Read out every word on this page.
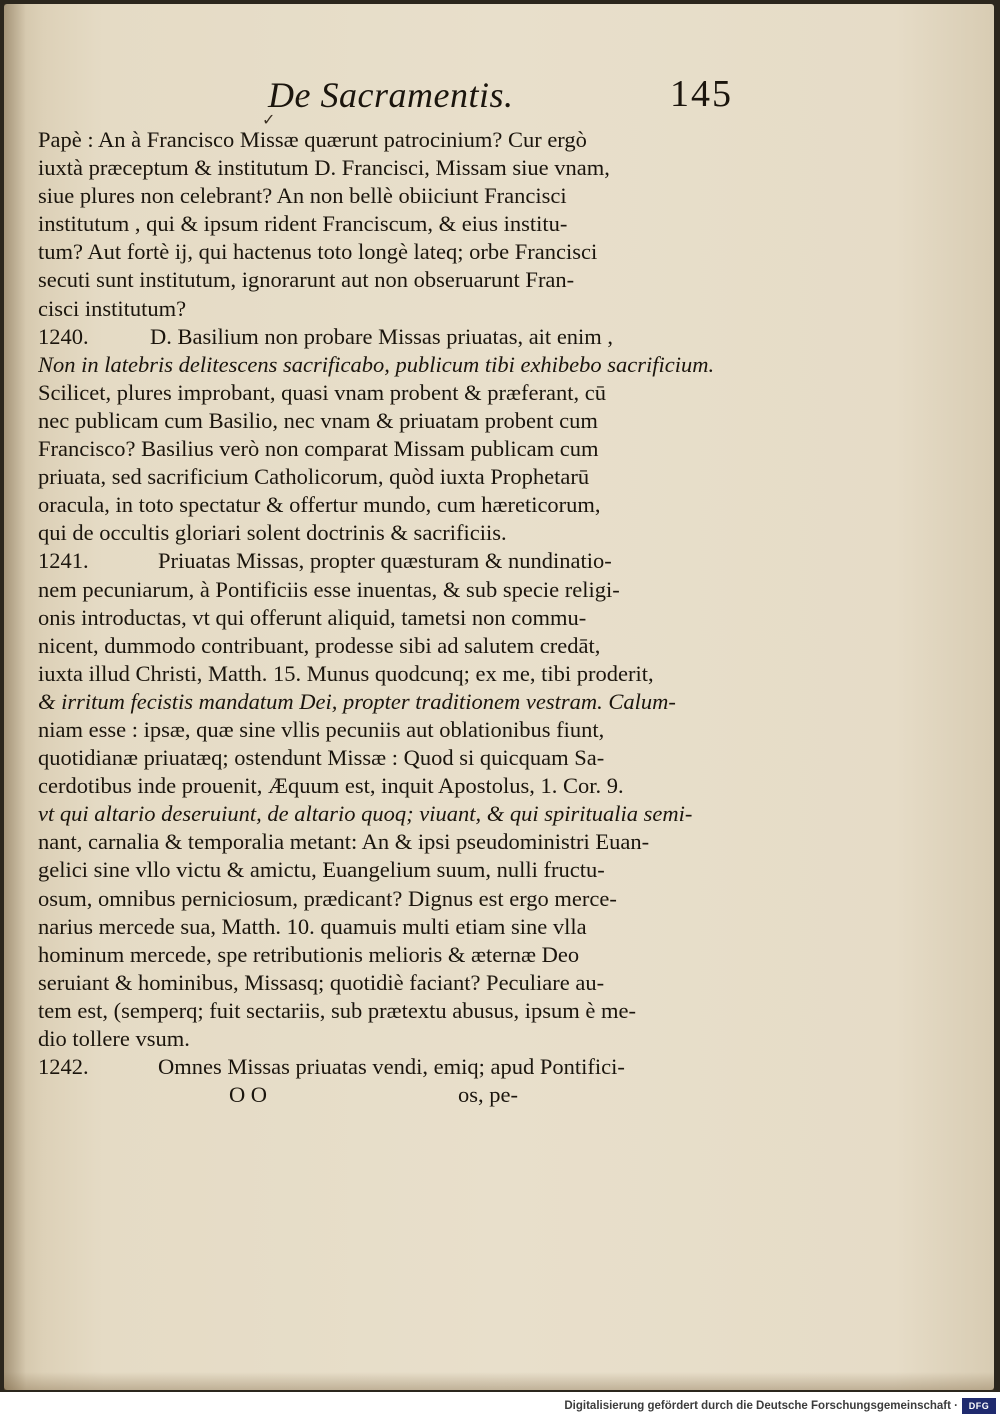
De Sacramentis.	145
✓
Papè : An à Francisco Missæ quærunt patrocinium? Cur ergò
iuxtà præceptum & institutum D. Francisci, Missam siue vnam,
siue plures non celebrant? An non bellè obiiciunt Francisci
institutum , qui & ipsum rident Franciscum, & eius institu-
tum? Aut fortè ij, qui hactenus toto longè lateq; orbe Francisci
secuti sunt institutum, ignorarunt aut non obseruarunt Fran-
cisci institutum?
1240.	D. Basilium non probare Missas priuatas, ait enim ,
Non in latebris delitescens sacrificabo, publicum tibi exhibebo sacrificium.
Scilicet, plures improbant, quasi vnam probent & præferant, cū
nec publicam cum Basilio, nec vnam & priuatam probent cum
Francisco? Basilius verò non comparat Missam publicam cum
priuata, sed sacrificium Catholicorum, quòd iuxta Prophetarū
oracula, in toto spectatur & offertur mundo, cum hæreticorum,
qui de occultis gloriari solent doctrinis & sacrificiis.
1241.	Priuatas Missas, propter quæsturam & nundinatio-
nem pecuniarum, à Pontificiis esse inuentas, & sub specie religi-
onis introductas, vt qui offerunt aliquid, tametsi non commu-
nicent, dummodo contribuant, prodesse sibi ad salutem credāt,
iuxta illud Christi, Matth. 15. Munus quodcunq; ex me, tibi proderit,
& irritum fecistis mandatum Dei, propter traditionem vestram. Calum-
niam esse : ipsæ, quæ sine vllis pecuniis aut oblationibus fiunt,
quotidianæ priuatæq; ostendunt Missæ : Quod si quicquam Sa-
cerdotibus inde prouenit, Æquum est, inquit Apostolus, 1. Cor. 9.
vt qui altario deseruiunt, de altario quoq; viuant, & qui spiritualia semi-
nant, carnalia & temporalia metant: An & ipsi pseudoministri Euan-
gelici sine vllo victu & amictu, Euangelium suum, nulli fructu-
osum, omnibus perniciosum, prædicant? Dignus est ergo merce-
narius mercede sua, Matth. 10. quamuis multi etiam sine vlla
hominum mercede, spe retributionis melioris & æternæ Deo
seruiant & hominibus, Missasq; quotidiè faciant? Peculiare au-
tem est, (semperq; fuit sectariis, sub prætextu abusus, ipsum è me-
dio tollere vsum.
1242.	Omnes Missas priuatas vendi, emiq; apud Pontifici-
O O	os, pe-
Digitalisierung gefördert durch die Deutsche Forschungsgemeinschaft ·	DFG
